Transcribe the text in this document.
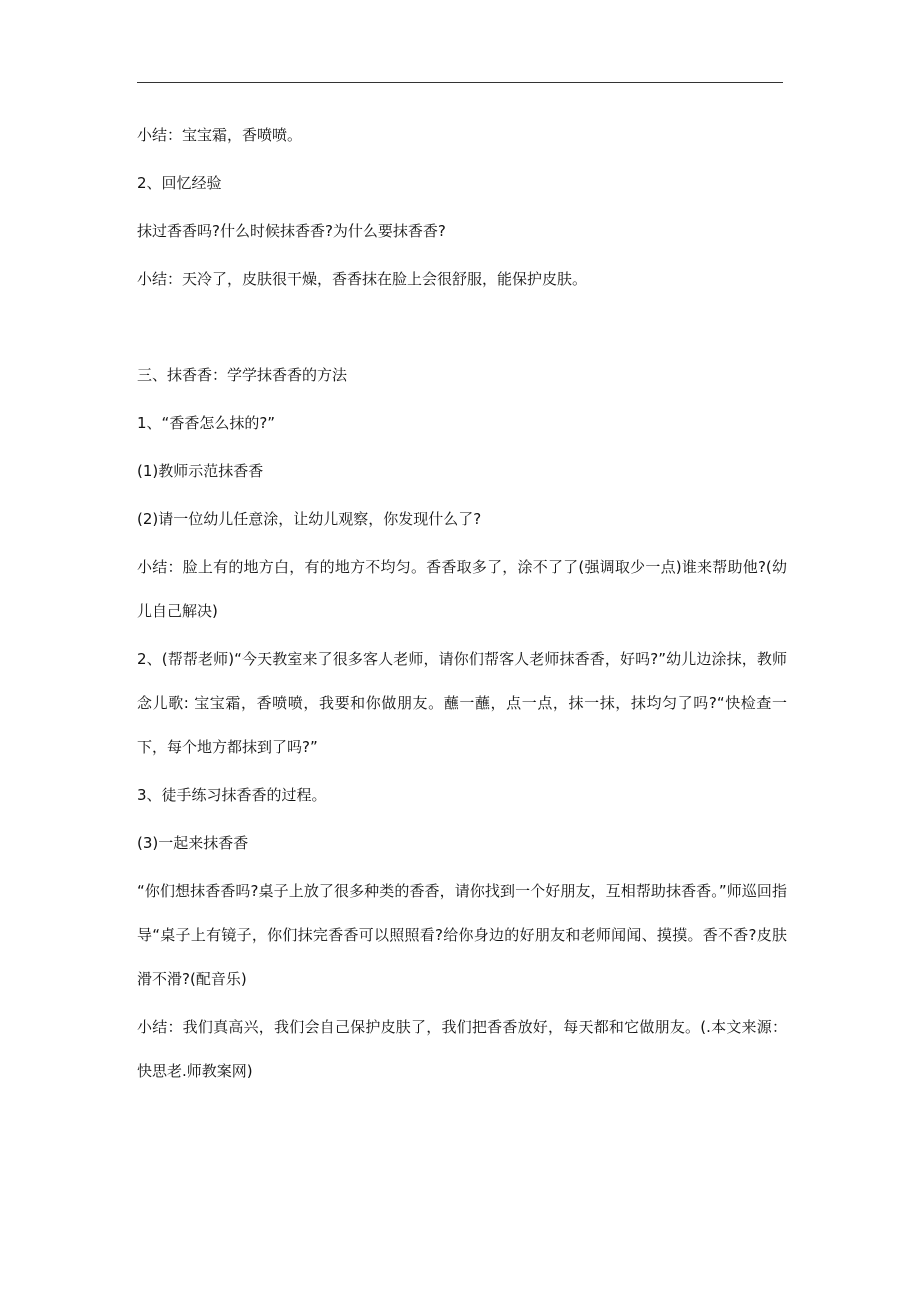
小结：宝宝霜，香喷喷。

2、回忆经验

抹过香香吗?什么时候抹香香?为什么要抹香香?

小结：天冷了，皮肤很干燥，香香抹在脸上会很舒服，能保护皮肤。

三、抹香香：学学抹香香的方法

1、“香香怎么抹的?”

(1)教师示范抹香香

(2)请一位幼儿任意涂，让幼儿观察，你发现什么了?

小结：脸上有的地方白，有的地方不均匀。香香取多了，涂不了了(强调取少一点)谁来帮助他?(幼儿自己解决)

2、(帮帮老师)“今天教室来了很多客人老师，请你们帮客人老师抹香香，好吗?”幼儿边涂抹，教师念儿歌: 宝宝霜，香喷喷，我要和你做朋友。蘸一蘸，点一点，抹一抹，抹均匀了吗?“快检查一下，每个地方都抹到了吗?”

3、徒手练习抹香香的过程。

(3)一起来抹香香

“你们想抹香香吗?桌子上放了很多种类的香香，请你找到一个好朋友，互相帮助抹香香。”师巡回指导“桌子上有镜子，你们抹完香香可以照照看?给你身边的好朋友和老师闻闻、摸摸。香不香?皮肤滑不滑?(配音乐)

小结：我们真高兴，我们会自己保护皮肤了，我们把香香放好，每天都和它做朋友。(.本文来源：快思老.师教案网)
